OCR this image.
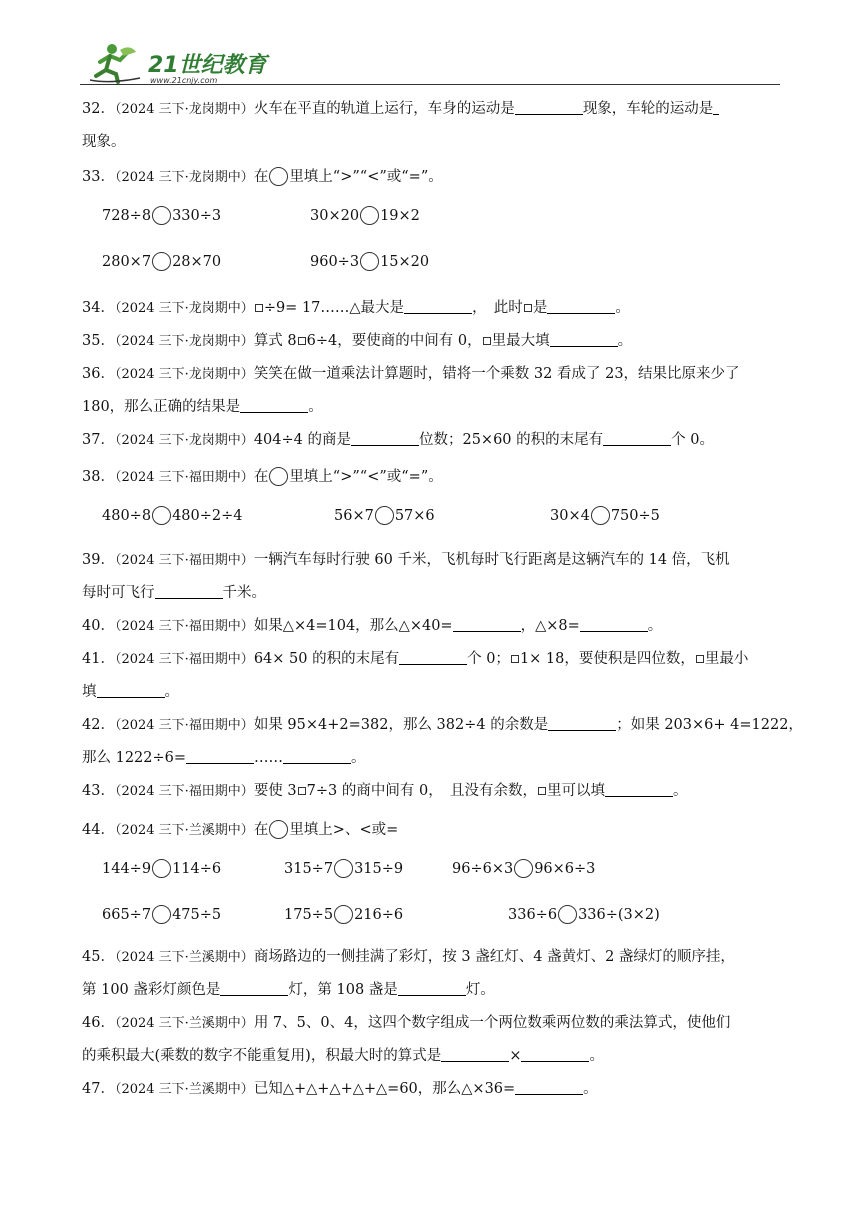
21世纪教育
www.21cnjy.com
32．（2024 三下·龙岗期中）火车在平直的轨道上运行，车身的运动是	现象，车轮的运动是
现象。
33．（2024 三下·龙岗期中）在 里填上“>”“<”或“=”。
728÷8 330÷3	30×20 19×2
280×7 28×70	960÷3 15×20
34．（2024 三下·龙岗期中） ÷9= 17……△最大是	，　此时 是	。
35．（2024 三下·龙岗期中）算式 8 6÷4，要使商的中间有 0， 里最大填	。
36．（2024 三下·龙岗期中）笑笑在做一道乘法计算题时，错将一个乘数 32 看成了 23，结果比原来少了
180，那么正确的结果是	。
37．（2024 三下·龙岗期中）404÷4 的商是	位数；25×60 的积的末尾有	个 0。
38．（2024 三下·福田期中）在 里填上“>”“<”或“=”。
480÷8 480÷2÷4	56×7 57×6	30×4 750÷5
39．（2024 三下·福田期中）一辆汽车每时行驶 60 千米，飞机每时飞行距离是这辆汽车的 14 倍，飞机
每时可飞行	千米。
40．（2024 三下·福田期中）如果△×4=104，那么△×40=	，△×8=	。
41．（2024 三下·福田期中）64× 50 的积的末尾有	个 0； 1× 18，要使积是四位数， 里最小
填	。
42．（2024 三下·福田期中）如果 95×4+2=382，那么 382÷4 的余数是	；如果 203×6+ 4=1222，
那么 1222÷6=	……	。
43．（2024 三下·福田期中）要使 3 7÷3 的商中间有 0，　且没有余数， 里可以填	。
44．（2024 三下·兰溪期中）在 里填上>、<或=
144÷9 114÷6	315÷7 315÷9	96÷6×3 96×6÷3
665÷7 475÷5	175÷5 216÷6	336÷6 336÷(3×2)
45．（2024 三下·兰溪期中）商场路边的一侧挂满了彩灯，按 3 盏红灯、4 盏黄灯、2 盏绿灯的顺序挂，
第 100 盏彩灯颜色是	灯，第 108 盏是	灯。
46．（2024 三下·兰溪期中）用 7、5、0、4，这四个数字组成一个两位数乘两位数的乘法算式，使他们
的乘积最大(乘数的数字不能重复用)，积最大时的算式是	×	。
47．（2024 三下·兰溪期中）已知△+△+△+△+△=60，那么△×36=	。
